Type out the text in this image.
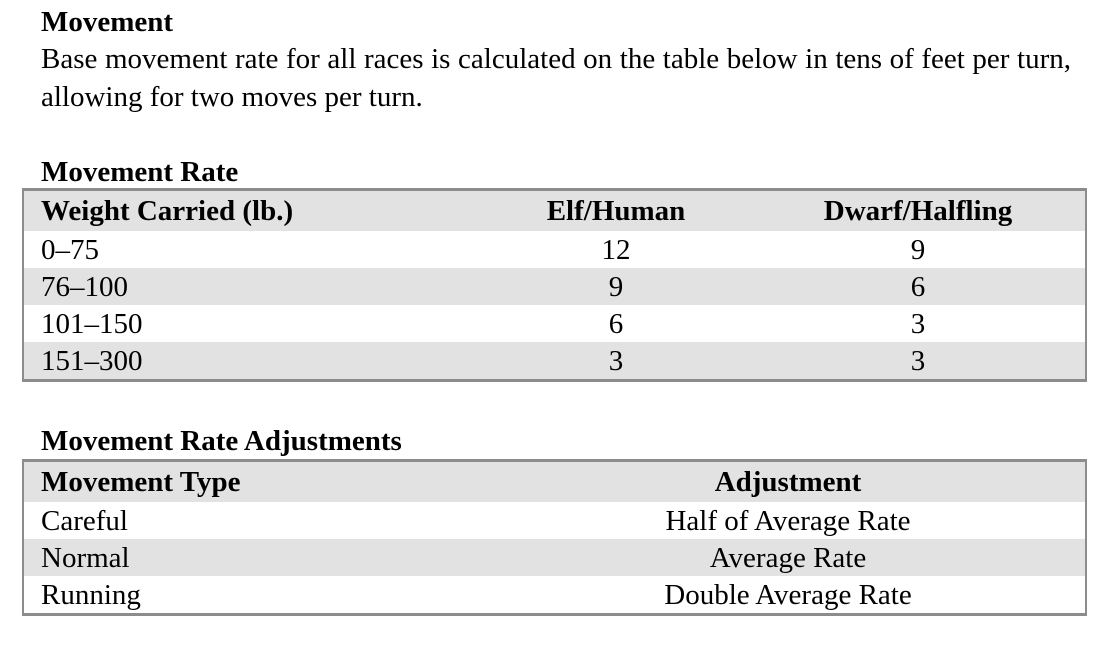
Movement

Base movement rate for all races is calculated on the table below in tens of feet per turn, allowing for two moves per turn.

Movement Rate
Weight Carried (lb.)	Elf/Human	Dwarf/Halfling
0–75	12	9
76–100	9	6
101–150	6	3
151–300	3	3
Movement Rate Adjustments
Movement Type	Adjustment
Careful	Half of Average Rate
Normal	Average Rate
Running	Double Average Rate
